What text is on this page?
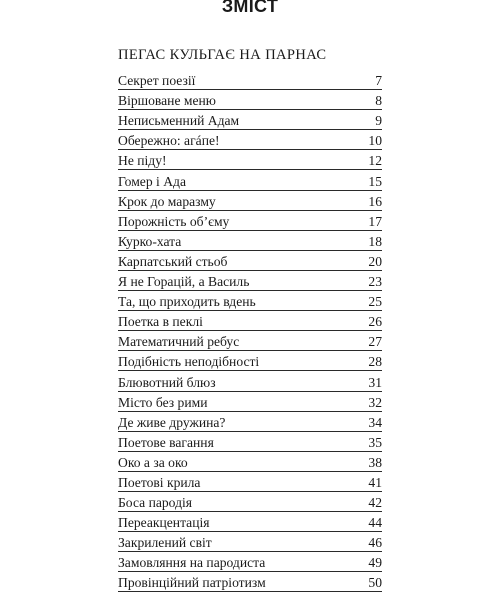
ЗМІСТ
ПЕГАС КУЛЬГАЄ НА ПАРНАС
Секрет поезії	7
Віршоване меню	8
Неписьменний Адам	9
Обережно: агáпе!	10
Не піду!	12
Гомер і Ада	15
Крок до маразму	16
Порожність об’єму	17
Курко-хата	18
Карпатський стьоб	20
Я не Горацій, а Василь	23
Та, що приходить вдень	25
Поетка в пеклі	26
Математичний ребус	27
Подібність неподібності	28
Блювотний блюз	31
Місто без рими	32
Де живе дружина?	34
Поетове вагання	35
Око а за око	38
Поетові крила	41
Боса пародія	42
Переакцентація	44
Закрилений світ	46
Замовляння на пародиста	49
Провінційний патріотизм	50
